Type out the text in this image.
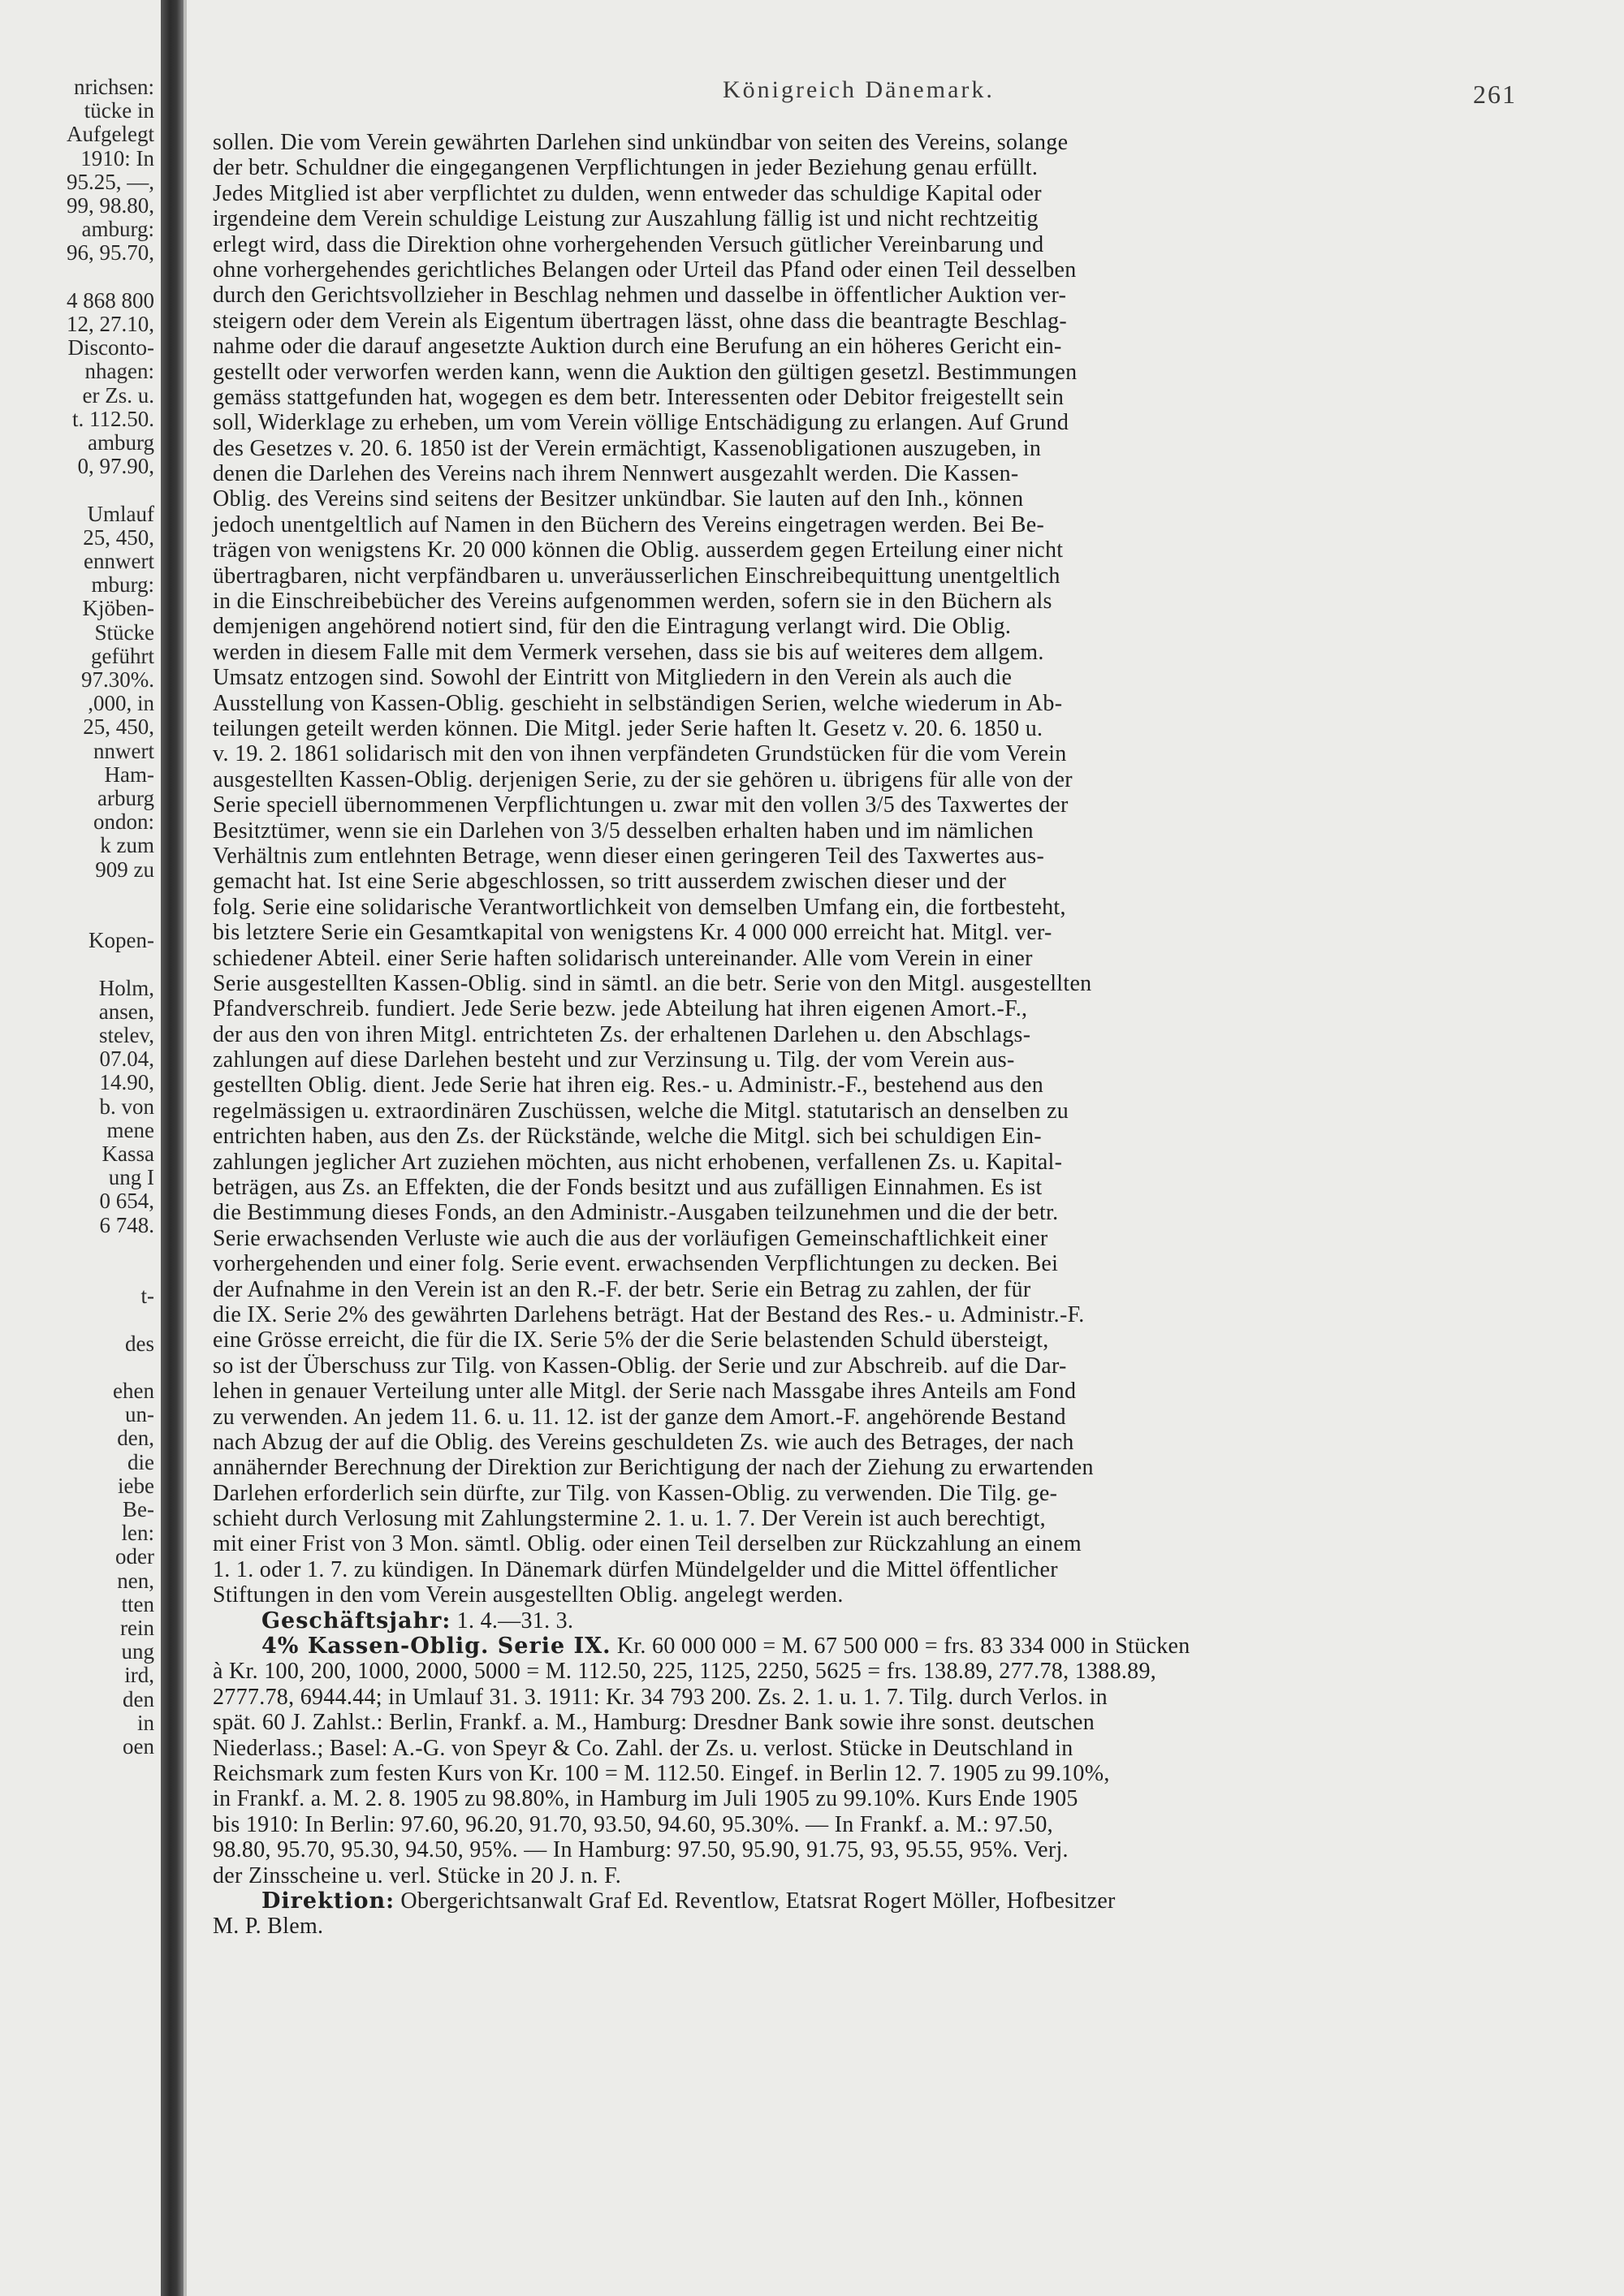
nrichsen:
tücke in
Aufgelegt
1910: In
95.25, —,
99, 98.80,
amburg:
96, 95.70,
4 868 800
12, 27.10,
Disconto-
nhagen:
er Zs. u.
t. 112.50.
amburg
0, 97.90,
Umlauf
25, 450,
ennwert
mburg:
Kjöben-
Stücke
geführt
97.30%.
,000, in
25, 450,
nnwert
Ham-
arburg
ondon:
k zum
909 zu
Kopen-
Holm,
ansen,
stelev,
07.04,
14.90,
b. von
mene
Kassa
ung I
0 654,
6 748.
t-
des
ehen
un-
den,
die
iebe
Be-
len:
oder
nen,
tten
rein
ung
ird,
den
in
oen
Königreich Dänemark.	261
sollen. Die vom Verein gewährten Darlehen sind unkündbar von seiten des Vereins, solange
der betr. Schuldner die eingegangenen Verpflichtungen in jeder Beziehung genau erfüllt.
Jedes Mitglied ist aber verpflichtet zu dulden, wenn entweder das schuldige Kapital oder
irgendeine dem Verein schuldige Leistung zur Auszahlung fällig ist und nicht rechtzeitig
erlegt wird, dass die Direktion ohne vorhergehenden Versuch gütlicher Vereinbarung und
ohne vorhergehendes gerichtliches Belangen oder Urteil das Pfand oder einen Teil desselben
durch den Gerichtsvollzieher in Beschlag nehmen und dasselbe in öffentlicher Auktion ver-
steigern oder dem Verein als Eigentum übertragen lässt, ohne dass die beantragte Beschlag-
nahme oder die darauf angesetzte Auktion durch eine Berufung an ein höheres Gericht ein-
gestellt oder verworfen werden kann, wenn die Auktion den gültigen gesetzl. Bestimmungen
gemäss stattgefunden hat, wogegen es dem betr. Interessenten oder Debitor freigestellt sein
soll, Widerklage zu erheben, um vom Verein völlige Entschädigung zu erlangen. Auf Grund
des Gesetzes v. 20. 6. 1850 ist der Verein ermächtigt, Kassenobligationen auszugeben, in
denen die Darlehen des Vereins nach ihrem Nennwert ausgezahlt werden. Die Kassen-
Oblig. des Vereins sind seitens der Besitzer unkündbar. Sie lauten auf den Inh., können
jedoch unentgeltlich auf Namen in den Büchern des Vereins eingetragen werden. Bei Be-
trägen von wenigstens Kr. 20 000 können die Oblig. ausserdem gegen Erteilung einer nicht
übertragbaren, nicht verpfändbaren u. unveräusserlichen Einschreibequittung unentgeltlich
in die Einschreibebücher des Vereins aufgenommen werden, sofern sie in den Büchern als
demjenigen angehörend notiert sind, für den die Eintragung verlangt wird. Die Oblig.
werden in diesem Falle mit dem Vermerk versehen, dass sie bis auf weiteres dem allgem.
Umsatz entzogen sind. Sowohl der Eintritt von Mitgliedern in den Verein als auch die
Ausstellung von Kassen-Oblig. geschieht in selbständigen Serien, welche wiederum in Ab-
teilungen geteilt werden können. Die Mitgl. jeder Serie haften lt. Gesetz v. 20. 6. 1850 u.
v. 19. 2. 1861 solidarisch mit den von ihnen verpfändeten Grundstücken für die vom Verein
ausgestellten Kassen-Oblig. derjenigen Serie, zu der sie gehören u. übrigens für alle von der
Serie speciell übernommenen Verpflichtungen u. zwar mit den vollen 3/5 des Taxwertes der
Besitztümer, wenn sie ein Darlehen von 3/5 desselben erhalten haben und im nämlichen
Verhältnis zum entlehnten Betrage, wenn dieser einen geringeren Teil des Taxwertes aus-
gemacht hat. Ist eine Serie abgeschlossen, so tritt ausserdem zwischen dieser und der
folg. Serie eine solidarische Verantwortlichkeit von demselben Umfang ein, die fortbesteht,
bis letztere Serie ein Gesamtkapital von wenigstens Kr. 4 000 000 erreicht hat. Mitgl. ver-
schiedener Abteil. einer Serie haften solidarisch untereinander. Alle vom Verein in einer
Serie ausgestellten Kassen-Oblig. sind in sämtl. an die betr. Serie von den Mitgl. ausgestellten
Pfandverschreib. fundiert. Jede Serie bezw. jede Abteilung hat ihren eigenen Amort.-F.,
der aus den von ihren Mitgl. entrichteten Zs. der erhaltenen Darlehen u. den Abschlags-
zahlungen auf diese Darlehen besteht und zur Verzinsung u. Tilg. der vom Verein aus-
gestellten Oblig. dient. Jede Serie hat ihren eig. Res.- u. Administr.-F., bestehend aus den
regelmässigen u. extraordinären Zuschüssen, welche die Mitgl. statutarisch an denselben zu
entrichten haben, aus den Zs. der Rückstände, welche die Mitgl. sich bei schuldigen Ein-
zahlungen jeglicher Art zuziehen möchten, aus nicht erhobenen, verfallenen Zs. u. Kapital-
beträgen, aus Zs. an Effekten, die der Fonds besitzt und aus zufälligen Einnahmen. Es ist
die Bestimmung dieses Fonds, an den Administr.-Ausgaben teilzunehmen und die der betr.
Serie erwachsenden Verluste wie auch die aus der vorläufigen Gemeinschaftlichkeit einer
vorhergehenden und einer folg. Serie event. erwachsenden Verpflichtungen zu decken. Bei
der Aufnahme in den Verein ist an den R.-F. der betr. Serie ein Betrag zu zahlen, der für
die IX. Serie 2% des gewährten Darlehens beträgt. Hat der Bestand des Res.- u. Administr.-F.
eine Grösse erreicht, die für die IX. Serie 5% der die Serie belastenden Schuld übersteigt,
so ist der Überschuss zur Tilg. von Kassen-Oblig. der Serie und zur Abschreib. auf die Dar-
lehen in genauer Verteilung unter alle Mitgl. der Serie nach Massgabe ihres Anteils am Fond
zu verwenden. An jedem 11. 6. u. 11. 12. ist der ganze dem Amort.-F. angehörende Bestand
nach Abzug der auf die Oblig. des Vereins geschuldeten Zs. wie auch des Betrages, der nach
annähernder Berechnung der Direktion zur Berichtigung der nach der Ziehung zu erwartenden
Darlehen erforderlich sein dürfte, zur Tilg. von Kassen-Oblig. zu verwenden. Die Tilg. ge-
schieht durch Verlosung mit Zahlungstermine 2. 1. u. 1. 7. Der Verein ist auch berechtigt,
mit einer Frist von 3 Mon. sämtl. Oblig. oder einen Teil derselben zur Rückzahlung an einem
1. 1. oder 1. 7. zu kündigen. In Dänemark dürfen Mündelgelder und die Mittel öffentlicher
Stiftungen in den vom Verein ausgestellten Oblig. angelegt werden.
Geschäftsjahr: 1. 4.—31. 3.
4% Kassen-Oblig. Serie IX. Kr. 60 000 000 = M. 67 500 000 = frs. 83 334 000 in Stücken
à Kr. 100, 200, 1000, 2000, 5000 = M. 112.50, 225, 1125, 2250, 5625 = frs. 138.89, 277.78, 1388.89,
2777.78, 6944.44; in Umlauf 31. 3. 1911: Kr. 34 793 200. Zs. 2. 1. u. 1. 7. Tilg. durch Verlos. in
spät. 60 J. Zahlst.: Berlin, Frankf. a. M., Hamburg: Dresdner Bank sowie ihre sonst. deutschen
Niederlass.; Basel: A.-G. von Speyr & Co. Zahl. der Zs. u. verlost. Stücke in Deutschland in
Reichsmark zum festen Kurs von Kr. 100 = M. 112.50. Eingef. in Berlin 12. 7. 1905 zu 99.10%,
in Frankf. a. M. 2. 8. 1905 zu 98.80%, in Hamburg im Juli 1905 zu 99.10%. Kurs Ende 1905
bis 1910: In Berlin: 97.60, 96.20, 91.70, 93.50, 94.60, 95.30%. — In Frankf. a. M.: 97.50,
98.80, 95.70, 95.30, 94.50, 95%. — In Hamburg: 97.50, 95.90, 91.75, 93, 95.55, 95%. Verj.
der Zinsscheine u. verl. Stücke in 20 J. n. F.
Direktion: Obergerichtsanwalt Graf Ed. Reventlow, Etatsrat Rogert Möller, Hofbesitzer
M. P. Blem.
